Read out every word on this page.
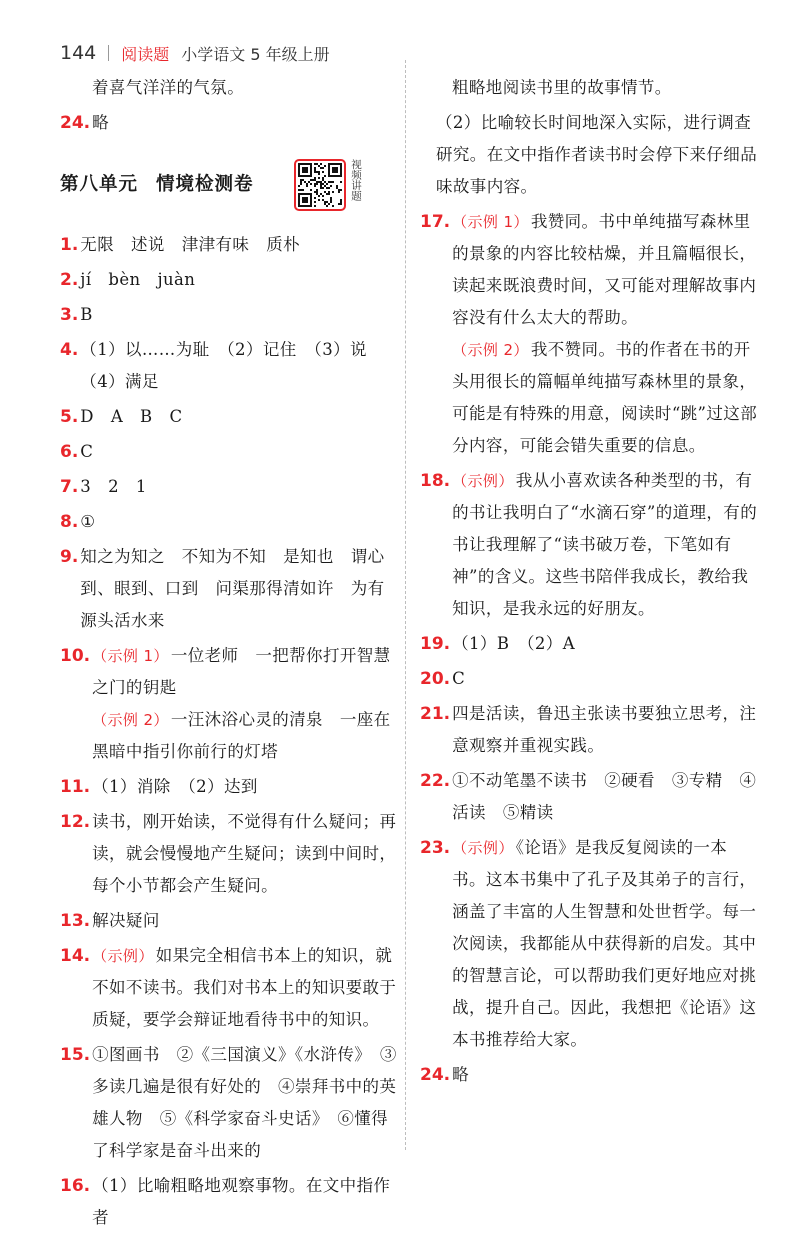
144 阅读题 小学语文 5 年级上册
着喜气洋洋的气氛。
24. 略
第八单元 情境检测卷	视频讲题
1. 无限　述说　津津有味　质朴
2. jí　bèn　juàn
3. B
4. （1）以……为耻　（2）记住　（3）说
（4）满足
5. D　A　B　C
6. C
7. 3　2　1
8. ①
9. 知之为知之　不知为不知　是知也　谓心到、眼到、口到　问渠那得清如许　为有源头活水来
10. （示例 1） 一位老师　一把帮你打开智慧之门的钥匙
（示例 2） 一汪沐浴心灵的清泉　一座在黑暗中指引你前行的灯塔
11. （1）消除　（2）达到
12. 读书，刚开始读，不觉得有什么疑问；再读，就会慢慢地产生疑问；读到中间时，每个小节都会产生疑问。
13. 解决疑问
14. （示例） 如果完全相信书本上的知识，就不如不读书。我们对书本上的知识要敢于质疑，要学会辩证地看待书中的知识。
15. ①图画书　②《三国演义》《水浒传》　③多读几遍是很有好处的　④崇拜书中的英雄人物　⑤《科学家奋斗史话》　⑥懂得了科学家是奋斗出来的
16. （1）比喻粗略地观察事物。在文中指作者
粗略地阅读书里的故事情节。
（2）比喻较长时间地深入实际，进行调查研究。在文中指作者读书时会停下来仔细品味故事内容。
17. （示例 1） 我赞同。书中单纯描写森林里的景象的内容比较枯燥，并且篇幅很长，读起来既浪费时间，又可能对理解故事内容没有什么太大的帮助。
（示例 2） 我不赞同。书的作者在书的开头用很长的篇幅单纯描写森林里的景象，可能是有特殊的用意，阅读时“跳”过这部分内容，可能会错失重要的信息。
18. （示例） 我从小喜欢读各种类型的书，有的书让我明白了“水滴石穿”的道理，有的书让我理解了“读书破万卷，下笔如有神”的含义。这些书陪伴我成长，教给我知识，是我永远的好朋友。
19. （1）B　（2）A
20. C
21. 四是活读，鲁迅主张读书要独立思考，注意观察并重视实践。
22. ①不动笔墨不读书　②硬看　③专精　④活读　⑤精读
23. （示例） 《论语》是我反复阅读的一本书。这本书集中了孔子及其弟子的言行，涵盖了丰富的人生智慧和处世哲学。每一次阅读，我都能从中获得新的启发。其中的智慧言论，可以帮助我们更好地应对挑战，提升自己。因此，我想把《论语》这本书推荐给大家。
24. 略
